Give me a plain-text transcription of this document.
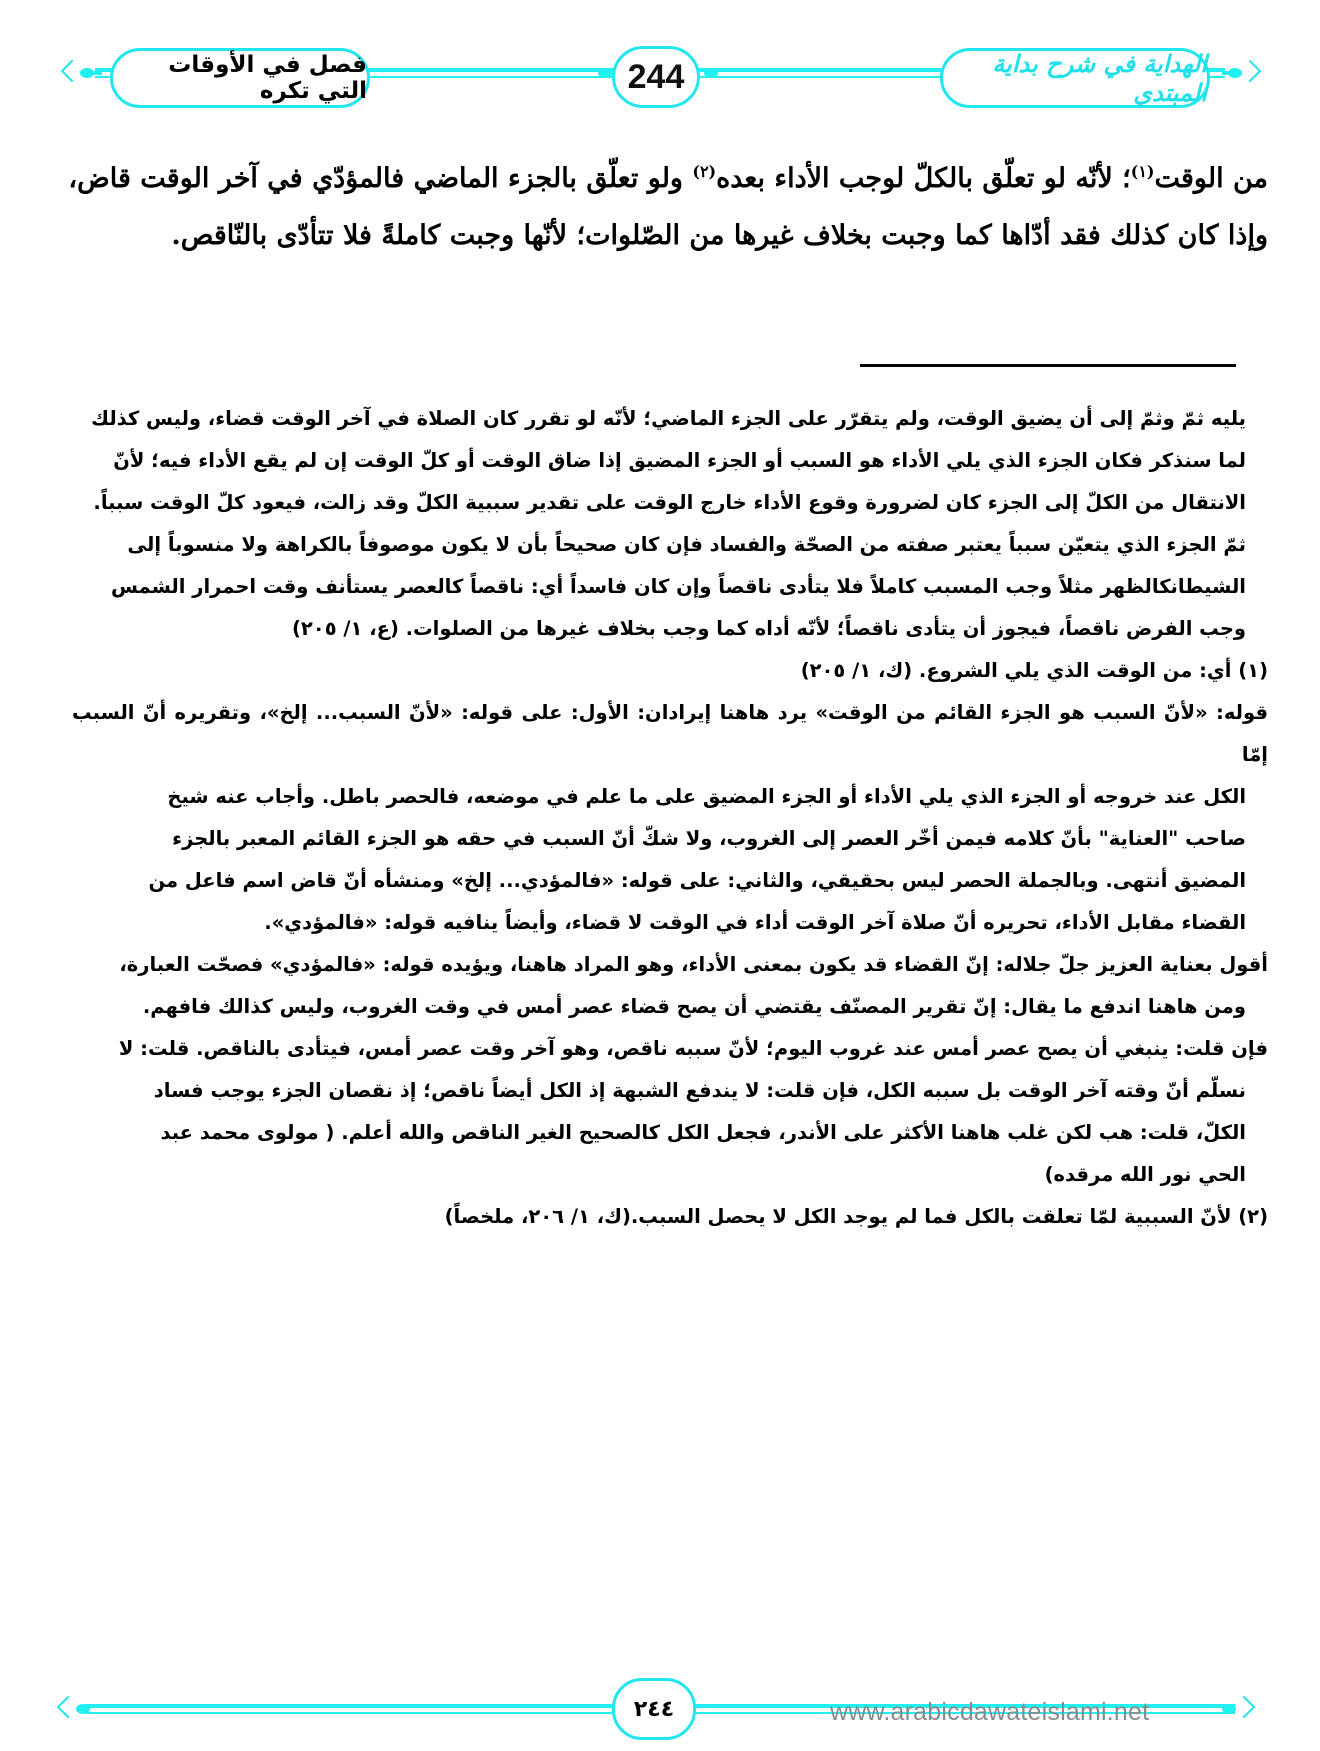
فصل في الأوقات التي تكره	244	الهداية في شرح بداية المبتدي

من الوقت$^{(١)}$؛ لأنّه لو تعلّق بالكلّ لوجب الأداء بعده$^{(٢)}$ ولو تعلّق بالجزء الماضي فالمؤدّي في آخر الوقت قاض،

وإذا كان كذلك فقد أدّاها كما وجبت بخلاف غيرها من الصّلوات؛ لأنّها وجبت كاملةً فلا تتأدّى بالنّاقص.

يليه ثمّ وثمّ إلى أن يضيق الوقت، ولم يتقرّر على الجزء الماضي؛ لأنّه لو تقرر كان الصلاة في آخر الوقت قضاء، وليس كذلك
لما سنذكر فكان الجزء الذي يلي الأداء هو السبب أو الجزء المضيق إذا ضاق الوقت أو كلّ الوقت إن لم يقع الأداء فيه؛ لأنّ
الانتقال من الكلّ إلى الجزء كان لضرورة وقوع الأداء خارج الوقت على تقدير سببية الكلّ وقد زالت، فيعود كلّ الوقت سبباً.
ثمّ الجزء الذي يتعيّن سبباً يعتبر صفته من الصحّة والفساد فإن كان صحيحاً بأن لا يكون موصوفاً بالكراهة ولا منسوباً إلى
الشيطانكالظهر مثلاً وجب المسبب كاملاً فلا يتأدى ناقصاً وإن كان فاسداً أي: ناقصاً كالعصر يستأنف وقت احمرار الشمس
وجب الفرض ناقصاً، فيجوز أن يتأدى ناقصاً؛ لأنّه أداه كما وجب بخلاف غيرها من الصلوات. (ع، ١/ ٢٠٥)
(١) أي: من الوقت الذي يلي الشروع. (ك، ١/ ٢٠٥)
قوله: «لأنّ السبب هو الجزء القائم من الوقت» يرد هاهنا إيرادان: الأول: على قوله: «لأنّ السبب... إلخ»، وتقريره أنّ السبب إمّا
الكل عند خروجه أو الجزء الذي يلي الأداء أو الجزء المضيق على ما علم في موضعه، فالحصر باطل. وأجاب عنه شيخ
صاحب "العناية" بأنّ كلامه فيمن أخّر العصر إلى الغروب، ولا شكّ أنّ السبب في حقه هو الجزء القائم المعبر بالجزء
المضيق أنتهى. وبالجملة الحصر ليس بحقيقي، والثاني: على قوله: «فالمؤدي... إلخ» ومنشأه أنّ قاض اسم فاعل من
القضاء مقابل الأداء، تحريره أنّ صلاة آخر الوقت أداء في الوقت لا قضاء، وأيضاً ينافيه قوله: «فالمؤدي».
أقول بعناية العزيز جلّ جلاله: إنّ القضاء قد يكون بمعنى الأداء، وهو المراد هاهنا، ويؤيده قوله: «فالمؤدي» فصحّت العبارة،
ومن هاهنا اندفع ما يقال: إنّ تقرير المصنّف يقتضي أن يصح قضاء عصر أمس في وقت الغروب، وليس كذالك فافهم.
فإن قلت: ينبغي أن يصح عصر أمس عند غروب اليوم؛ لأنّ سببه ناقص، وهو آخر وقت عصر أمس، فيتأدى بالناقص. قلت: لا
نسلّم أنّ وقته آخر الوقت بل سببه الكل، فإن قلت: لا يندفع الشبهة إذ الكل أيضاً ناقص؛ إذ نقصان الجزء يوجب فساد
الكلّ، قلت: هب لكن غلب هاهنا الأكثر على الأندر، فجعل الكل كالصحيح الغير الناقص والله أعلم. ( مولوى محمد عبد
الحي نور الله مرقده)
(٢) لأنّ السببية لمّا تعلقت بالكل فما لم يوجد الكل لا يحصل السبب.(ك، ١/ ٢٠٦، ملخصاً)
٢٤٤	www.arabicdawateislami.net
